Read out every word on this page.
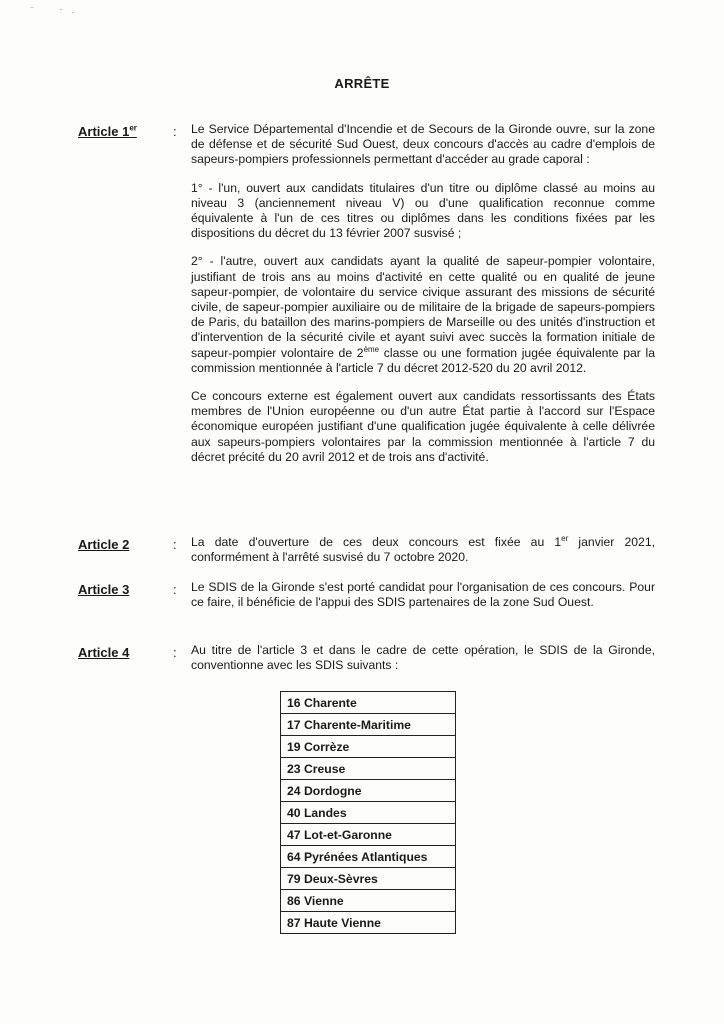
ARRÊTE
Article 1er	: Le Service Départemental d'Incendie et de Secours de la Gironde ouvre, sur la zone de défense et de sécurité Sud Ouest, deux concours d'accès au cadre d'emplois de sapeurs-pompiers professionnels permettant d'accéder au grade caporal :

1° - l'un, ouvert aux candidats titulaires d'un titre ou diplôme classé au moins au niveau 3 (anciennement niveau V) ou d'une qualification reconnue comme équivalente à l'un de ces titres ou diplômes dans les conditions fixées par les dispositions du décret du 13 février 2007 susvisé ;

2° - l'autre, ouvert aux candidats ayant la qualité de sapeur-pompier volontaire, justifiant de trois ans au moins d'activité en cette qualité ou en qualité de jeune sapeur-pompier, de volontaire du service civique assurant des missions de sécurité civile, de sapeur-pompier auxiliaire ou de militaire de la brigade de sapeurs-pompiers de Paris, du bataillon des marins-pompiers de Marseille ou des unités d'instruction et d'intervention de la sécurité civile et ayant suivi avec succès la formation initiale de sapeur-pompier volontaire de 2ème classe ou une formation jugée équivalente par la commission mentionnée à l'article 7 du décret 2012-520 du 20 avril 2012.

Ce concours externe est également ouvert aux candidats ressortissants des États membres de l'Union européenne ou d'un autre État partie à l'accord sur l'Espace économique européen justifiant d'une qualification jugée équivalente à celle délivrée aux sapeurs-pompiers volontaires par la commission mentionnée à l'article 7 du décret précité du 20 avril 2012 et de trois ans d'activité.

Article 2	: La date d'ouverture de ces deux concours est fixée au 1er janvier 2021, conformément à l'arrêté susvisé du 7 octobre 2020.
Article 3	: Le SDIS de la Gironde s'est porté candidat pour l'organisation de ces concours. Pour ce faire, il bénéficie de l'appui des SDIS partenaires de la zone Sud Ouest.
Article 4	: Au titre de l'article 3 et dans le cadre de cette opération, le SDIS de la Gironde, conventionne avec les SDIS suivants :
16 Charente
17 Charente-Maritime
19 Corrèze
23 Creuse
24 Dordogne
40 Landes
47 Lot-et-Garonne
64 Pyrénées Atlantiques
79 Deux-Sèvres
86 Vienne
87 Haute Vienne
